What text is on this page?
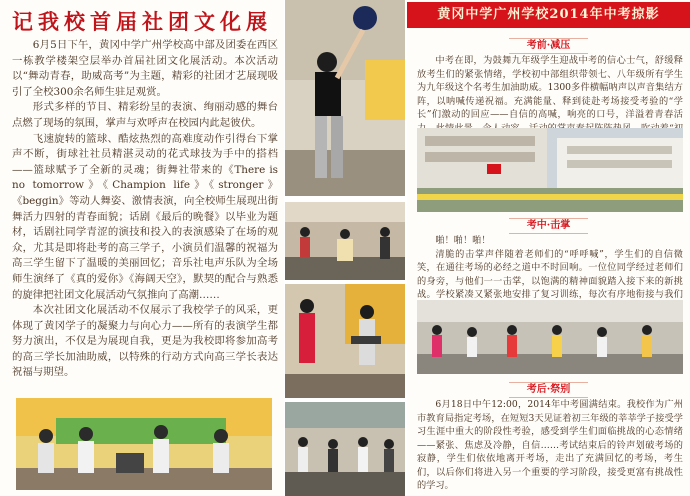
记我校首届社团文化展

6月5日下午，黄冈中学广州学校高中部及团委在西区一栋教学楼架空层举办首届社团文化展活动。本次活动以“舞动青春，助威高考”为主题，精彩的社团才艺展现吸引了全校300余名师生驻足观赏。

形式多样的节目、精彩纷呈的表演、绚丽动感的舞台点燃了现场的氛围，掌声与欢呼声在校园内此起彼伏。

飞速旋转的篮球、酷炫热烈的高难度动作引得台下掌声不断，街球社社员精湛灵动的花式球技为手中的搭档——篮球赋予了全新的灵魂；街舞社带来的《There is no tomorrow》《Champion life》《stronger》《beggin》等动人舞姿、激情表演，向全校师生展现出街舞活力四射的青春面貌；话剧《最后的晚餐》以毕业为题材，话剧社同学青涩的演技和投入的表演感染了在场的观众，尤其是即将赴考的高三学子，小演员们温馨的祝福为高三学生留下了温暖的美丽回忆；音乐社电声乐队为全场师生演绎了《真的爱你》《海阔天空》，默契的配合与熟悉的旋律把社团文化展活动气氛推向了高潮……

本次社团文化展活动不仅展示了我校学子的风采，更体现了黄冈学子的凝聚力与向心力——所有的表演学生都努力演出，不仅是为展现自我，更是为我校即将参加高考的高三学长加油助威，以特殊的行动方式向高三学长表达祝福与期望。

黄冈中学广州学校2014年中考掠影
考前·减压

中考在即，为鼓舞九年级学生迎战中考的信心士气，舒缓释放考生们的紧张情绪，学校初中部组织带领七、八年级所有学生为九年级这个名考生加油助威。1300多件横幅呐声以声音集结方阵，以呐喊传递祝福。充满能量、释到徒赴考场接受考验的“学长”们激动的回应——自信的高喊，响亮的口号，洋溢着青春活

考中·击掌

啪！啪！啪！

清脆的击掌声伴随着老师们的“呼呼喊”，学生们的自信微笑，在通往考场的必经之道中不时回响。一位位同学经过老师们的身旁，与他们一一击掌，以饱满的精神面貌踏入接下来的新挑战。学校紧凑又紧张地安排了复习训练，每次有序地衔接与我们

考后·祭别

6月18日中午12:00，2014年中考圆满结束。我校作为广州市教育局指定考场，在短短3天见证着初三年级的莘莘学子接受学习生涯中重大的阶段性考验，感受到学生们面临挑战的心态情绪——紧张、焦虑及冷静，自信……考试结束后的铃声划破考场的寂静，学生们依依地离开考场，走出了充满回忆的考场，考生们，以后你们将进入另一个重要的学习阶段，接受更富有挑战性的学习。
